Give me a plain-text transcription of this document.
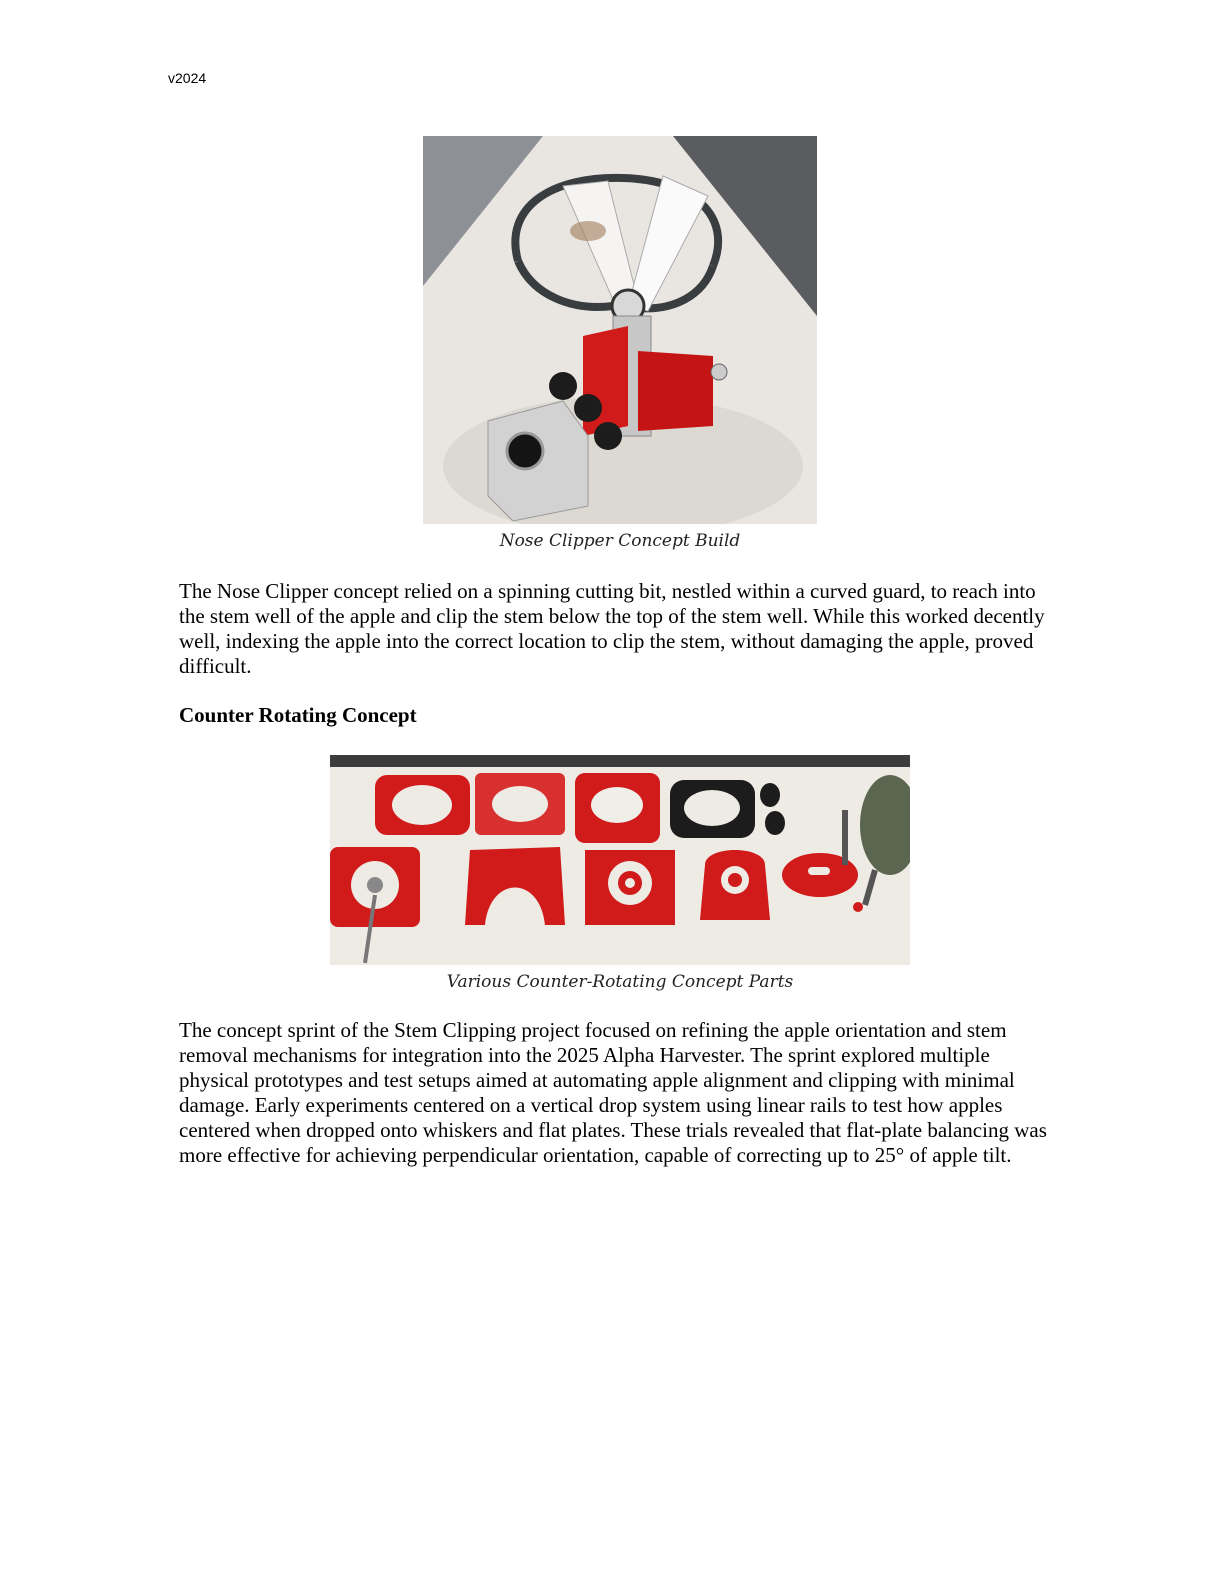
v2024
Nose Clipper Concept Build
The Nose Clipper concept relied on a spinning cutting bit, nestled within a curved guard, to reach into the stem well of the apple and clip the stem below the top of the stem well. While this worked decently well, indexing the apple into the correct location to clip the stem, without damaging the apple, proved difficult.
Counter Rotating Concept
Various Counter-Rotating Concept Parts
The concept sprint of the Stem Clipping project focused on refining the apple orientation and stem removal mechanisms for integration into the 2025 Alpha Harvester. The sprint explored multiple physical prototypes and test setups aimed at automating apple alignment and clipping with minimal damage. Early experiments centered on a vertical drop system using linear rails to test how apples centered when dropped onto whiskers and flat plates. These trials revealed that flat-plate balancing was more effective for achieving perpendicular orientation, capable of correcting up to 25° of apple tilt.
